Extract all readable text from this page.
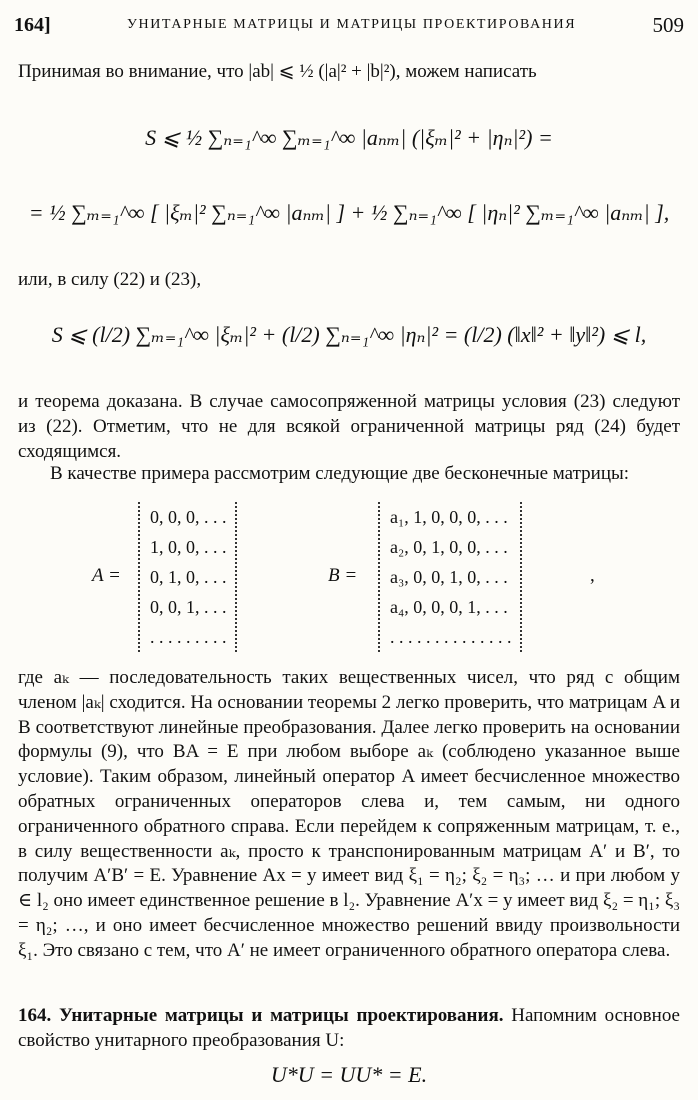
164]	УНИТАРНЫЕ МАТРИЦЫ И МАТРИЦЫ ПРОЕКТИРОВАНИЯ	509
Принимая во внимание, что |ab| ⩽ ½ (|a|² + |b|²), можем написать
S ⩽ ½ ∑ₙ₌₁^∞ ∑ₘ₌₁^∞ |aₙₘ| (|ξₘ|² + |ηₙ|²) =
= ½ ∑ₘ₌₁^∞ [ |ξₘ|² ∑ₙ₌₁^∞ |aₙₘ| ] + ½ ∑ₙ₌₁^∞ [ |ηₙ|² ∑ₘ₌₁^∞ |aₙₘ| ],
или, в силу (22) и (23),
S ⩽ (l/2) ∑ₘ₌₁^∞ |ξₘ|² + (l/2) ∑ₙ₌₁^∞ |ηₙ|² = (l/2) (‖x‖² + ‖y‖²) ⩽ l,
и теорема доказана. В случае самосопряженной матрицы условия (23) следуют из (22). Отметим, что не для всякой ограниченной матрицы ряд (24) будет сходящимся.
В качестве примера рассмотрим следующие две бесконечные матрицы:
A =
0, 0, 0, . . .
1, 0, 0, . . .
0, 1, 0, . . .
0, 0, 1, . . .
. . . . . . . . .
B =
a₁, 1, 0, 0, 0, . . .
a₂, 0, 1, 0, 0, . . .
a₃, 0, 0, 1, 0, . . .
a₄, 0, 0, 0, 1, . . .
. . . . . . . . . . . . . .
,
где aₖ — последовательность таких вещественных чисел, что ряд с общим членом |aₖ| сходится. На основании теоремы 2 легко проверить, что матрицам A и B соответствуют линейные преобразования. Далее легко проверить на основании формулы (9), что BA = E при любом выборе aₖ (соблюдено указанное выше условие). Таким образом, линейный оператор A имеет бесчисленное множество обратных ограниченных операторов слева и, тем самым, ни одного ограниченного обратного справа. Если перейдем к сопряженным матрицам, т. е., в силу вещественности aₖ, просто к транспонированным матрицам A′ и B′, то получим A′B′ = E. Уравнение Ax = y имеет вид ξ₁ = η₂; ξ₂ = η₃; … и при любом y ∈ l₂ оно имеет единственное решение в l₂. Уравнение A′x = y имеет вид ξ₂ = η₁; ξ₃ = η₂; …, и оно имеет бесчисленное множество решений ввиду произвольности ξ₁. Это связано с тем, что A′ не имеет ограниченного обратного оператора слева.
164. Унитарные матрицы и матрицы проектирования. Напомним основное свойство унитарного преобразования U:
U*U = UU* = E.
